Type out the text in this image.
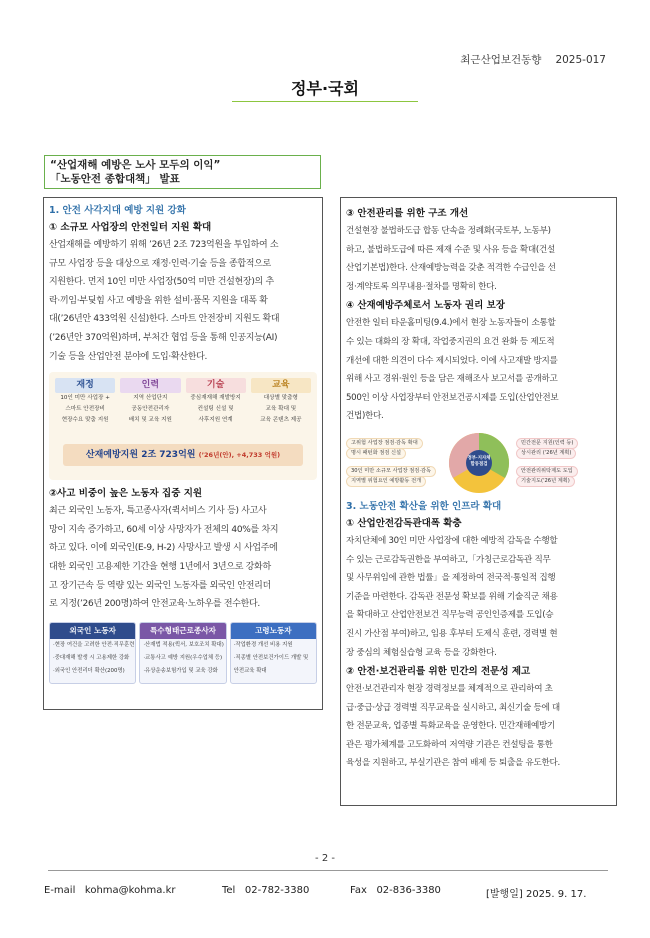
최근산업보건동향 2025-017
정부·국회
“산업재해 예방은 노사 모두의 이익”
「노동안전 종합대책」 발표
1. 안전 사각지대 예방 지원 강화
① 소규모 사업장의 안전일터 지원 확대
산업재해를 예방하기 위해 ’26년 2조 723억원을 투입하여 소
규모 사업장 등을 대상으로 재정·인력·기술 등을 종합적으로
지원한다. 먼저 10인 미만 사업장(50억 미만 건설현장)의 추
락·끼임·부딪힘 사고 예방을 위한 설비·품목 지원을 대폭 확
대(’26년안 433억원 신설)한다. 스마트 안전장비 지원도 확대
(’26년안 370억원)하며, 부처간 협업 등을 통해 인공지능(AI)
기술 등을 산업안전 분야에 도입·확산한다.
재정
10인 미만 사업장 +
스마트 안전장비
현장수요 맞춤 지원
인력
지역 산업단지
공동안전관리자
배치 및 교육 지원
기술
중심재재해 재발방지
컨설팅 신설 및
사후지원 연계
교육
대상별 맞춤형
교육 확대 및
교육 콘텐츠 제공
산재예방지원 2조 723억원 (’26년(안), +4,733 억원)
②사고 비중이 높은 노동자 집중 지원
최근 외국인 노동자, 특고종사자(퀵서비스 기사 등) 사고사
망이 지속 증가하고, 60세 이상 사망자가 전체의 40%를 차지
하고 있다. 이에 외국인(E-9, H-2) 사망사고 발생 시 사업주에
대한 외국인 고용제한 기간을 현행 1년에서 3년으로 강화하
고 장기근속 등 역량 있는 외국인 노동자를 외국인 안전리더
로 지정(’26년 200명)하여 안전교육·노하우를 전수한다.
외국인 노동자
·현장 여건을 고려한 안전·직무훈련
·중대재해 발생 시 고용제한 강화
·외국인 안전리더 확산(200명)
특수형태근로종사자
·산재법 적용(퀵서, 보호조치 확대)
·교통사고 예방 지원(우수업체 등)
·유상운송보험가입 및 교육 강화
고령노동자
·작업환경 개선 비용 지원
·직종별 안전보건가이드 개발 및
안전교육 확대
③ 안전관리를 위한 구조 개선
건설현장 불법하도급 합동 단속을 정례화(국토부, 노동부)
하고, 불법하도급에 따른 제재 수준 및 사유 등을 확대(건설
산업기본법)한다. 산재예방능력을 갖춘 적격한 수급인을 선
정·계약토록 의무내용·절차를 명확히 한다.
④ 산재예방주체로서 노동자 권리 보장
안전한 일터 타운홀미팅(9.4.)에서 현장 노동자들이 소통할
수 있는 대화의 장 확대, 작업중지권의 요건 완화 등 제도적
개선에 대한 의견이 다수 제시되었다. 이에 사고재발 방지를
위해 사고 경위·원인 등을 담은 재해조사 보고서를 공개하고
500인 이상 사업장부터 안전보건공시제를 도입(산업안전보
건법)한다.
고위험 사업장 점검·감독 확대
명시 패턴화 점검 신설
30인 미만 소규모 사업장 점검·감독
지역별 위험요인 예방활동 전개
정부·지자체 합동점검
민간전문 지원(인력 등)
상시관리 ('26년 계획)
안전관리위탁제도 도입
기술지도('26년 계획)
3. 노동안전 확산을 위한 인프라 확대
① 산업안전감독관대폭 확충
자치단체에 30인 미만 사업장에 대한 예방적 감독을 수행할
수 있는 근로감독권한을 부여하고,「가칭근로감독관 직무
및 사무위임에 관한 법률」을 제정하여 전국적·통일적 집행
기준을 마련한다. 감독관 전문성 확보를 위해 기술직군 채용
을 확대하고 산업안전보건 직무능력 공인인증제를 도입(승
진시 가산점 부여)하고, 임용 후부터 도제식 훈련, 경력별 현
장 중심의 체험실습형 교육 등을 강화한다.
② 안전·보건관리를 위한 민간의 전문성 제고
안전·보건관리자 현장 경력정보를 체계적으로 관리하여 초
급·중급·상급 경력별 직무교육을 실시하고, 최신기술 등에 대
한 전문교육, 업종별 특화교육을 운영한다. 민간재해예방기
관은 평가체계를 고도화하여 저역량 기관은 컨설팅을 통한
육성을 지원하고, 부실기관은 참여 배제 등 퇴출을 유도한다.
- 2 -
E-mail kohma@kohma.kr	Tel 02-782-3380	Fax 02-836-3380	[발행일] 2025. 9. 17.
